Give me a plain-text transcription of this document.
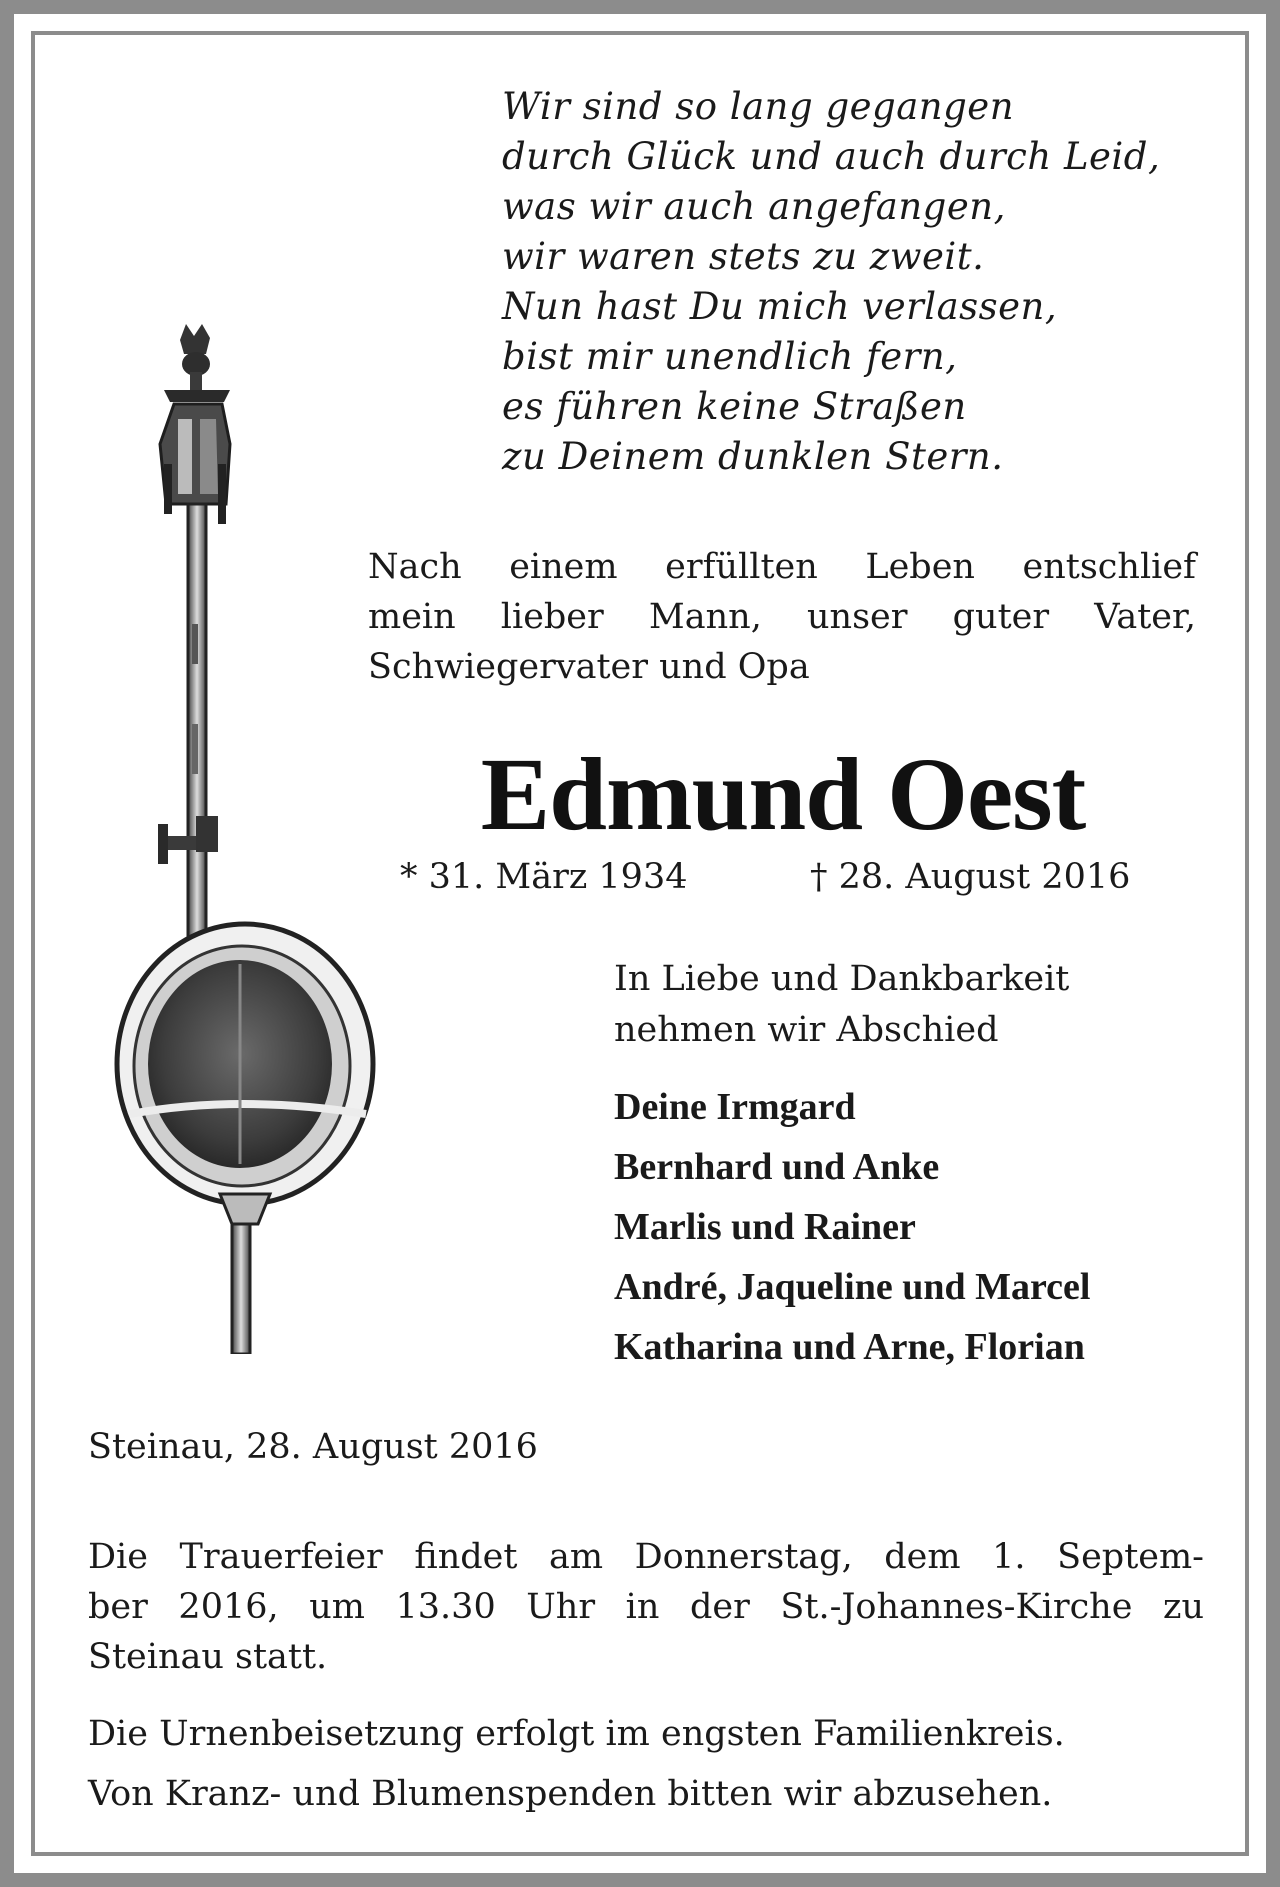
Wir sind so lang gegangen
durch Glück und auch durch Leid,
was wir auch angefangen,
wir waren stets zu zweit.
Nun hast Du mich verlassen,
bist mir unendlich fern,
es führen keine Straßen
zu Deinem dunklen Stern.
Nach einem erfüllten Leben entschlief
mein lieber Mann, unser guter Vater,
Schwiegervater und Opa
Edmund Oest
* 31. März 1934	† 28. August 2016
In Liebe und Dankbarkeit
nehmen wir Abschied
Deine Irmgard
Bernhard und Anke
Marlis und Rainer
André, Jaqueline und Marcel
Katharina und Arne, Florian
Steinau, 28. August 2016
Die Trauerfeier findet am Donnerstag, dem 1. Septem-
ber 2016, um 13.30 Uhr in der St.-Johannes-Kirche zu
Steinau statt.
Die Urnenbeisetzung erfolgt im engsten Familienkreis.
Von Kranz- und Blumenspenden bitten wir abzusehen.
